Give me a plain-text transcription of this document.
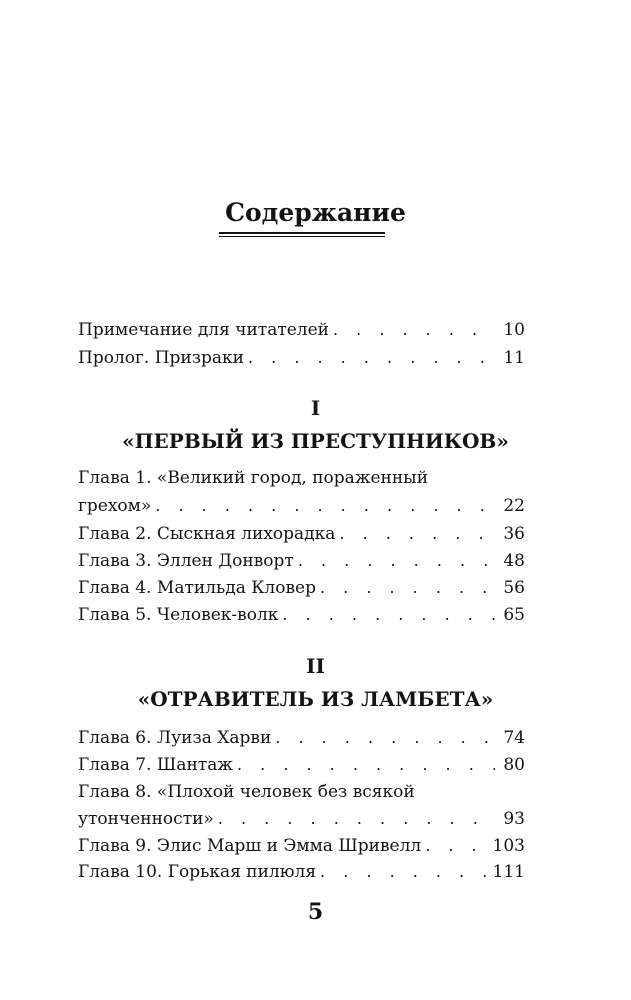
Содержание
Примечание для читателей . . .	10
Пролог. Призраки . . .	11
Глава 1. «Великий город, пораженный
грехом» . . .	22
Глава 2. Сыскная лихорадка . . .	36
Глава 3. Эллен Донворт . . .	48
Глава 4. Матильда Кловер . . .	56
Глава 5. Человек-волк . . .	65
Глава 6. Луиза Харви . . .	74
Глава 7. Шантаж . . .	80
Глава 8. «Плохой человек без всякой
утонченности» . . .	93
Глава 9. Элис Марш и Эмма Шривелл . . .	103
Глава 10. Горькая пилюля . . .	111
I
«ПЕРВЫЙ ИЗ ПРЕСТУПНИКОВ»
II
«ОТРАВИТЕЛЬ ИЗ ЛАМБЕТА»
5
